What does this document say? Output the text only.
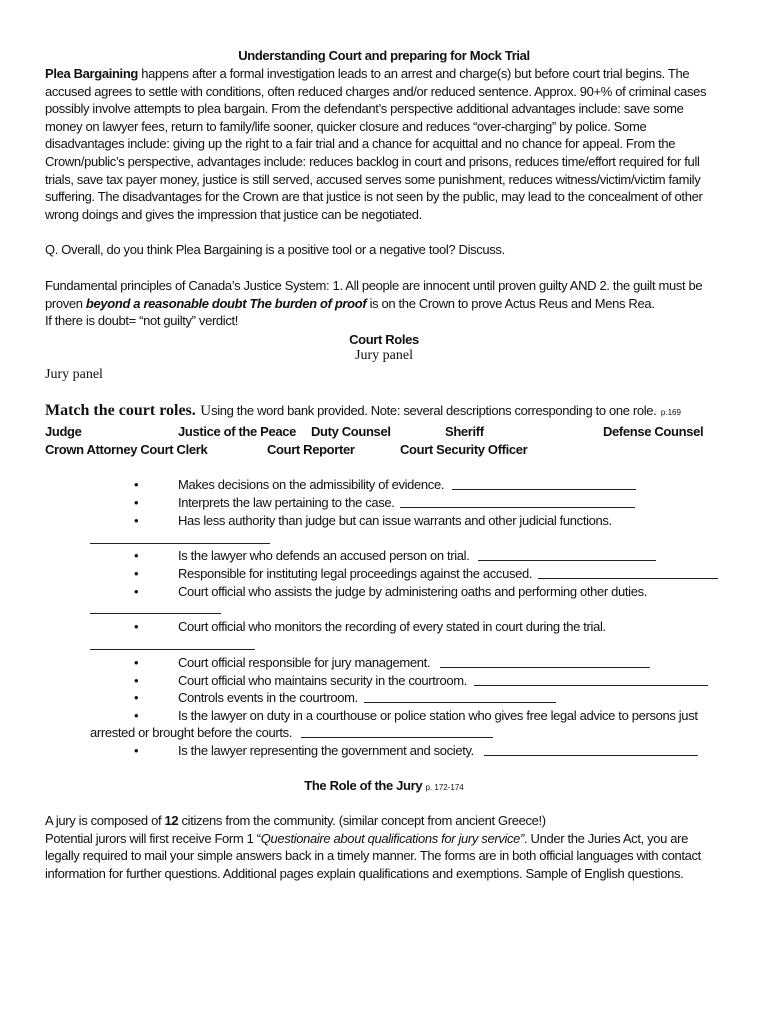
Understanding Court and preparing for Mock Trial
Plea Bargaining happens after a formal investigation leads to an arrest and charge(s) but before court trial begins. The
accused agrees to settle with conditions, often reduced charges and/or reduced sentence. Approx. 90+% of criminal cases
possibly involve attempts to plea bargain. From the defendant’s perspective additional advantages include: save some
money on lawyer fees, return to family/life sooner, quicker closure and reduces “over-charging” by police. Some
disadvantages include: giving up the right to a fair trial and a chance for acquittal and no chance for appeal. From the
Crown/public’s perspective, advantages include: reduces backlog in court and prisons, reduces time/effort required for full
trials, save tax payer money, justice is still served, accused serves some punishment, reduces witness/victim/victim family
suffering. The disadvantages for the Crown are that justice is not seen by the public, may lead to the concealment of other
wrong doings and gives the impression that justice can be negotiated.
Q. Overall, do you think Plea Bargaining is a positive tool or a negative tool? Discuss.
Fundamental principles of Canada’s Justice System: 1. All people are innocent until proven guilty AND 2. the guilt must be
proven beyond a reasonable doubt The burden of proof is on the Crown to prove Actus Reus and Mens Rea.
If there is doubt= “not guilty” verdict!
Court Roles
Jury panel
Jury panel
Match the court roles. Using the word bank provided. Note: several descriptions corresponding to one role. p.169
Judge	Justice of the Peace Duty Counsel	Sheriff	Defense Counsel
Crown Attorney Court Clerk	Court Reporter	Court Security Officer
•	Makes decisions on the admissibility of evidence.
•	Interprets the law pertaining to the case.
•	Has less authority than judge but can issue warrants and other judicial functions.
•	Is the lawyer who defends an accused person on trial.
•	Responsible for instituting legal proceedings against the accused.
•	Court official who assists the judge by administering oaths and performing other duties.
•	Court official who monitors the recording of every stated in court during the trial.
•	Court official responsible for jury management.
•	Court official who maintains security in the courtroom.
•	Controls events in the courtroom.
•	Is the lawyer on duty in a courthouse or police station who gives free legal advice to persons just
arrested or brought before the courts.
•	Is the lawyer representing the government and society.
The Role of the Jury p. 172-174
A jury is composed of 12 citizens from the community. (similar concept from ancient Greece!)
Potential jurors will first receive Form 1 “Questionaire about qualifications for jury service”. Under the Juries Act, you are
legally required to mail your simple answers back in a timely manner. The forms are in both official languages with contact
information for further questions. Additional pages explain qualifications and exemptions. Sample of English questions.
